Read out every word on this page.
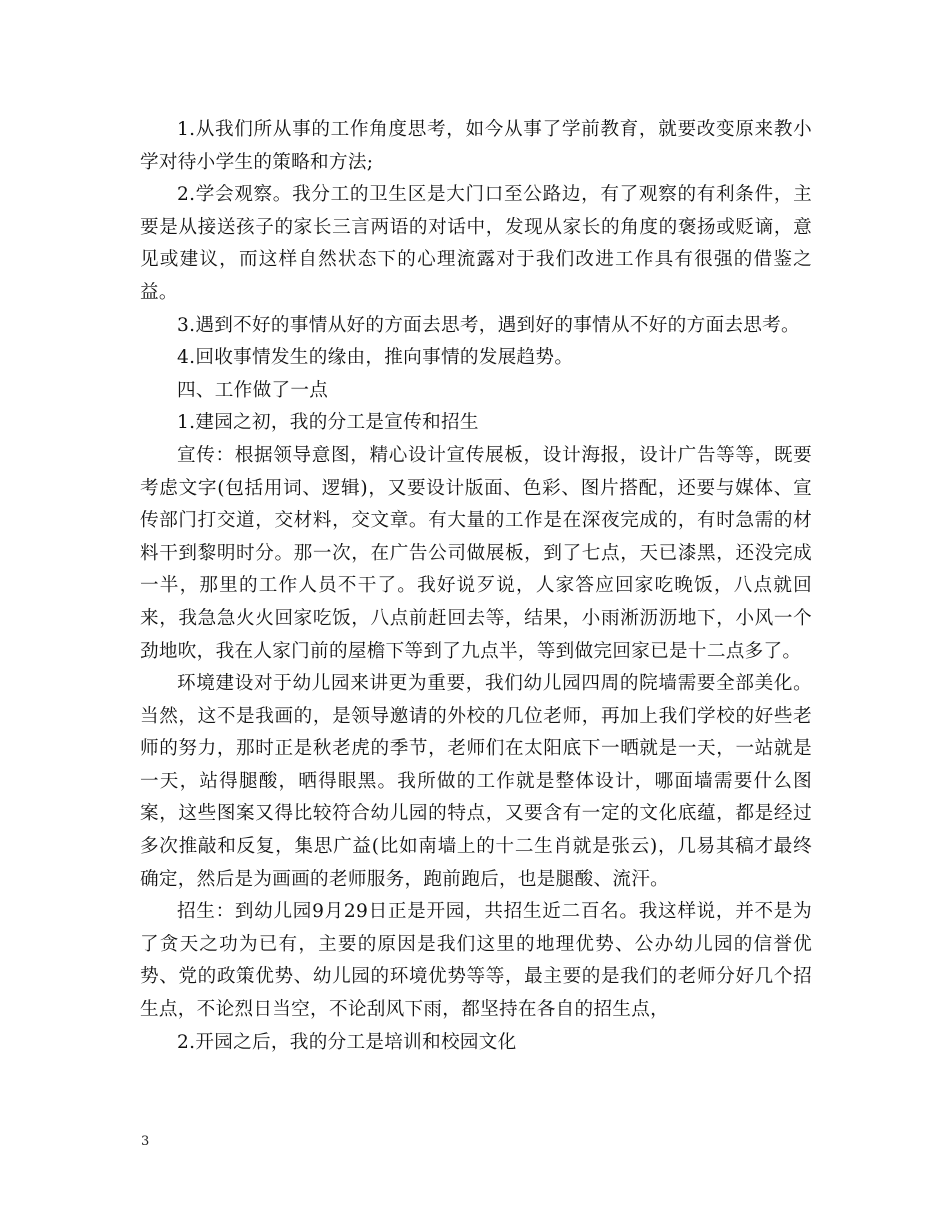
1.从我们所从事的工作角度思考，如今从事了学前教育，就要改变原来教小学对待小学生的策略和方法;

2.学会观察。我分工的卫生区是大门口至公路边，有了观察的有利条件，主要是从接送孩子的家长三言两语的对话中，发现从家长的角度的褒扬或贬谪，意见或建议，而这样自然状态下的心理流露对于我们改进工作具有很强的借鉴之益。

3.遇到不好的事情从好的方面去思考，遇到好的事情从不好的方面去思考。

4.回收事情发生的缘由，推向事情的发展趋势。

四、工作做了一点

1.建园之初，我的分工是宣传和招生

宣传：根据领导意图，精心设计宣传展板，设计海报，设计广告等等，既要考虑文字(包括用词、逻辑)，又要设计版面、色彩、图片搭配，还要与媒体、宣传部门打交道，交材料，交文章。有大量的工作是在深夜完成的，有时急需的材料干到黎明时分。那一次，在广告公司做展板，到了七点，天已漆黑，还没完成一半，那里的工作人员不干了。我好说歹说，人家答应回家吃晚饭，八点就回来，我急急火火回家吃饭，八点前赶回去等，结果，小雨淅沥沥地下，小风一个劲地吹，我在人家门前的屋檐下等到了九点半，等到做完回家已是十二点多了。

环境建设对于幼儿园来讲更为重要，我们幼儿园四周的院墙需要全部美化。当然，这不是我画的，是领导邀请的外校的几位老师，再加上我们学校的好些老师的努力，那时正是秋老虎的季节，老师们在太阳底下一晒就是一天，一站就是一天，站得腿酸，晒得眼黑。我所做的工作就是整体设计，哪面墙需要什么图案，这些图案又得比较符合幼儿园的特点，又要含有一定的文化底蕴，都是经过多次推敲和反复，集思广益(比如南墙上的十二生肖就是张云)，几易其稿才最终确定，然后是为画画的老师服务，跑前跑后，也是腿酸、流汗。

招生：到幼儿园9月29日正是开园，共招生近二百名。我这样说，并不是为了贪天之功为已有，主要的原因是我们这里的地理优势、公办幼儿园的信誉优势、党的政策优势、幼儿园的环境优势等等，最主要的是我们的老师分好几个招生点，不论烈日当空，不论刮风下雨，都坚持在各自的招生点，

2.开园之后，我的分工是培训和校园文化

3
